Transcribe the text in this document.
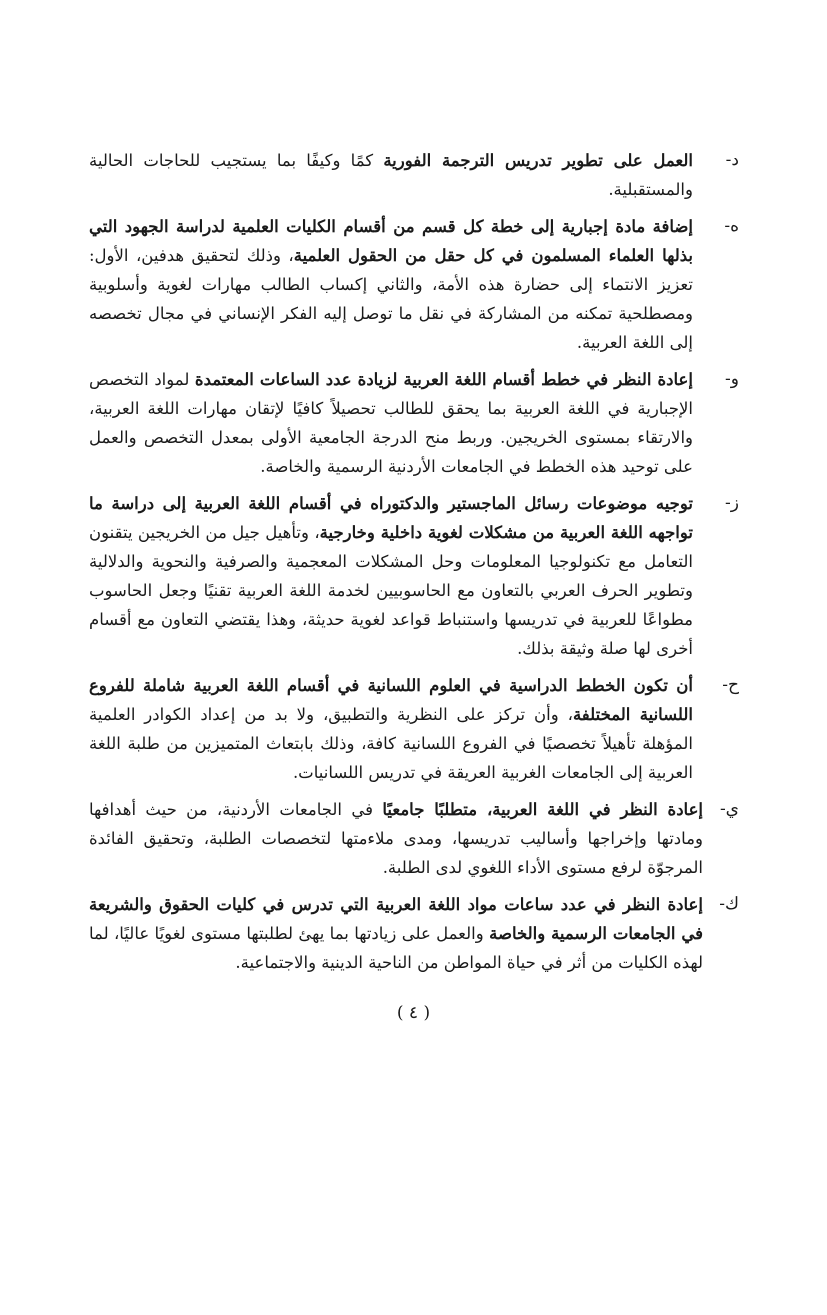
د-
العمل على تطوير تدريس الترجمة الفورية كمًا وكيفًا بما يستجيب للحاجات الحالية والمستقبلية.
ه-
إضافة مادة إجبارية إلى خطة كل قسم من أقسام الكليات العلمية لدراسة الجهود التي بذلها العلماء المسلمون في كل حقل من الحقول العلمية، وذلك لتحقيق هدفين، الأول: تعزيز الانتماء إلى حضارة هذه الأمة، والثاني إكساب الطالب مهارات لغوية وأسلوبية ومصطلحية تمكنه من المشاركة في نقل ما توصل إليه الفكر الإنساني في مجال تخصصه إلى اللغة العربية.
و-
إعادة النظر في خطط أقسام اللغة العربية لزيادة عدد الساعات المعتمدة لمواد التخصص الإجبارية في اللغة العربية بما يحقق للطالب تحصيلاً كافيًا لإتقان مهارات اللغة العربية، والارتقاء بمستوى الخريجين. وربط منح الدرجة الجامعية الأولى بمعدل التخصص والعمل على توحيد هذه الخطط في الجامعات الأردنية الرسمية والخاصة.
ز-
توجيه موضوعات رسائل الماجستير والدكتوراه في أقسام اللغة العربية إلى دراسة ما تواجهه اللغة العربية من مشكلات لغوية داخلية وخارجية، وتأهيل جيل من الخريجين يتقنون التعامل مع تكنولوجيا المعلومات وحل المشكلات المعجمية والصرفية والنحوية والدلالية وتطوير الحرف العربي بالتعاون مع الحاسوبيين لخدمة اللغة العربية تقنيًا وجعل الحاسوب مطواعًا للعربية في تدريسها واستنباط قواعد لغوية حديثة، وهذا يقتضي التعاون مع أقسام أخرى لها صلة وثيقة بذلك.
ح-
أن تكون الخطط الدراسية في العلوم اللسانية في أقسام اللغة العربية شاملة للفروع اللسانية المختلفة، وأن تركز على النظرية والتطبيق، ولا بد من إعداد الكوادر العلمية المؤهلة تأهيلاً تخصصيًا في الفروع اللسانية كافة، وذلك بابتعاث المتميزين من طلبة اللغة العربية إلى الجامعات الغربية العريقة في تدريس اللسانيات.
ي-
إعادة النظر في اللغة العربية، متطلبًا جامعيًا في الجامعات الأردنية، من حيث أهدافها ومادتها وإخراجها وأساليب تدريسها، ومدى ملاءمتها لتخصصات الطلبة، وتحقيق الفائدة المرجوّة لرفع مستوى الأداء اللغوي لدى الطلبة.
ك-
إعادة النظر في عدد ساعات مواد اللغة العربية التي تدرس في كليات الحقوق والشريعة في الجامعات الرسمية والخاصة والعمل على زيادتها بما يهئ لطلبتها مستوى لغويًا عاليًا، لما لهذه الكليات من أثر في حياة المواطن من الناحية الدينية والاجتماعية.
( ٤ )
